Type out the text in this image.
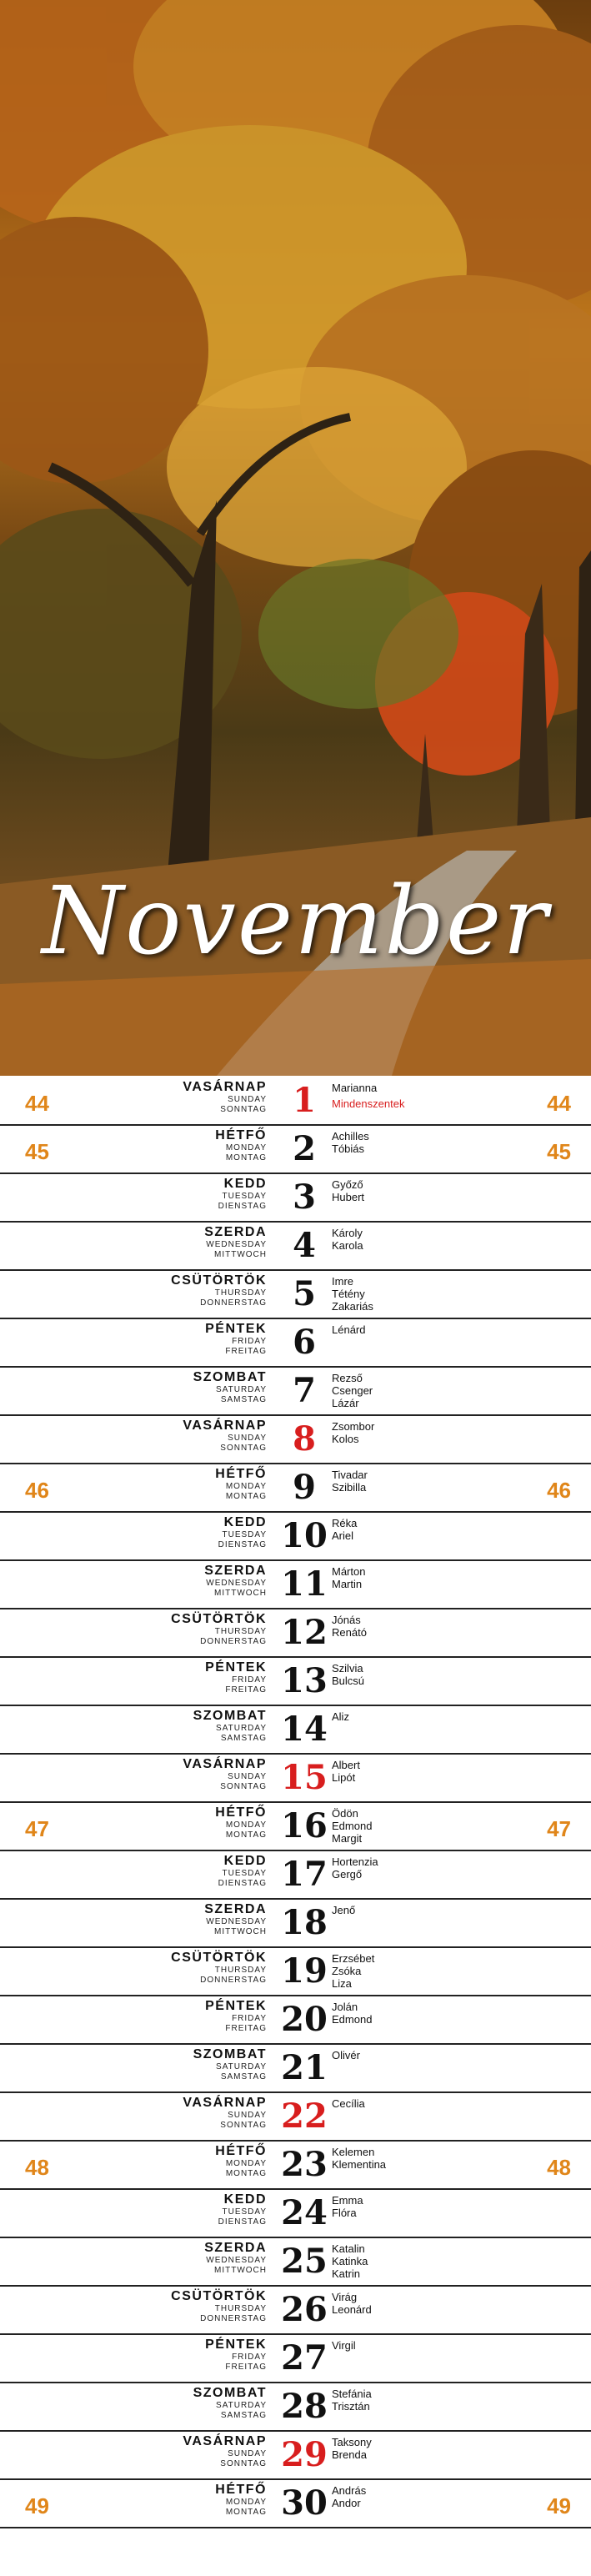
November
44	44
VASÁRNAP
SUNDAY
SONNTAG 1	Marianna
Mindenszentek
45	45
HÉTFŐ
MONDAY
MONTAG 2	Achilles
Tóbiás
KEDD
TUESDAY
DIENSTAG 3	Győző
Hubert
SZERDA
WEDNESDAY
MITTWOCH 4	Károly
Karola
CSÜTÖRTÖK
THURSDAY
DONNERSTAG 5	Imre
Tétény
Zakariás
PÉNTEK
FRIDAY
FREITAG 6	Lénárd
SZOMBAT
SATURDAY
SAMSTAG 7	Rezső
Csenger
Lázár
VASÁRNAP
SUNDAY
SONNTAG 8	Zsombor
Kolos
46	46
HÉTFŐ
MONDAY
MONTAG 9	Tivadar
Szibilla
KEDD
TUESDAY
DIENSTAG 10 Réka
Ariel
SZERDA
WEDNESDAY
MITTWOCH 11 Márton
Martin
CSÜTÖRTÖK
THURSDAY
DONNERSTAG 12 Jónás
Renátó
PÉNTEK
FRIDAY
FREITAG 13 Szilvia
Bulcsú
SZOMBAT
SATURDAY
SAMSTAG 14 Aliz
VASÁRNAP
SUNDAY
SONNTAG 15 Albert
Lipót
47	47
HÉTFŐ
MONDAY
MONTAG 16 Ödön
Edmond
Margit
KEDD
TUESDAY
DIENSTAG 17 Hortenzia
Gergő
SZERDA
WEDNESDAY
MITTWOCH 18 Jenő
CSÜTÖRTÖK
THURSDAY
DONNERSTAG 19 Erzsébet
Zsóka
Liza
PÉNTEK
FRIDAY
FREITAG 20 Jolán
Edmond
SZOMBAT
SATURDAY
SAMSTAG 21 Olivér
VASÁRNAP
SUNDAY
SONNTAG 22 Cecília
48	48
HÉTFŐ
MONDAY
MONTAG 23 Kelemen
Klementina
KEDD
TUESDAY
DIENSTAG 24 Emma
Flóra
SZERDA
WEDNESDAY
MITTWOCH 25 Katalin
Katinka
Katrin
CSÜTÖRTÖK
THURSDAY
DONNERSTAG 26 Virág
Leonárd
PÉNTEK
FRIDAY
FREITAG 27 Virgil
SZOMBAT
SATURDAY
SAMSTAG 28 Stefánia
Trisztán
VASÁRNAP
SUNDAY
SONNTAG 29 Taksony
Brenda
49	49
HÉTFŐ
MONDAY
MONTAG 30 András
Andor
